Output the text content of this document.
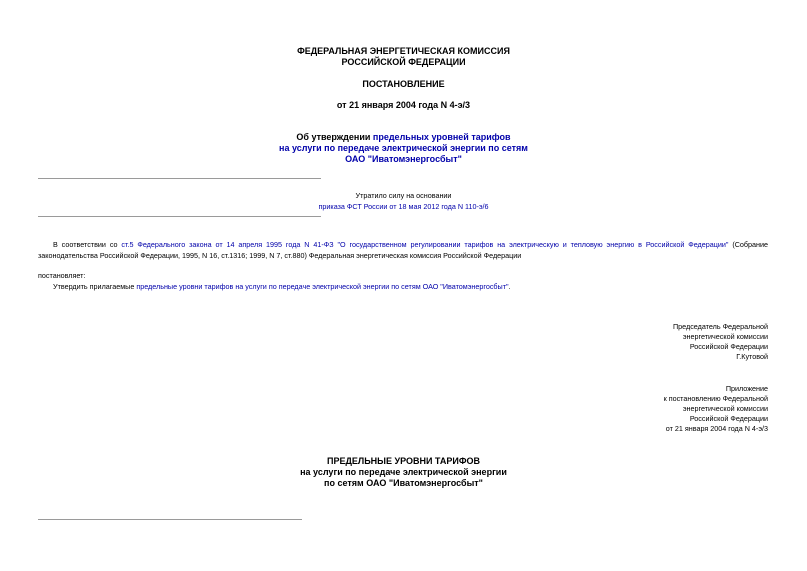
ФЕДЕРАЛЬНАЯ ЭНЕРГЕТИЧЕСКАЯ КОМИССИЯ
РОССИЙСКОЙ ФЕДЕРАЦИИ
ПОСТАНОВЛЕНИЕ
от 21 января 2004 года N 4-э/3
Об утверждении предельных уровней тарифов
на услуги по передаче электрической энергии по сетям
ОАО "Иватомэнергосбыт"
Утратило силу на основании
приказа ФСТ России от 18 мая 2012 года N 110-э/6
В соответствии со ст.5 Федерального закона от 14 апреля 1995 года N 41-ФЗ "О государственном регулировании тарифов на электрическую и тепловую энергию в Российской Федерации" (Собрание законодательства Российской Федерации, 1995, N 16, ст.1316; 1999, N 7, ст.880) Федеральная энергетическая комиссия Российской Федерации
постановляет:
Утвердить прилагаемые предельные уровни тарифов на услуги по передаче электрической энергии по сетям ОАО "Иватомэнергосбыт".
Председатель Федеральной
энергетической комиссии
Российской Федерации
Г.Кутовой
Приложение
к постановлению Федеральной
энергетической комиссии
Российской Федерации
от 21 января 2004 года N 4-э/3
ПРЕДЕЛЬНЫЕ УРОВНИ ТАРИФОВ
на услуги по передаче электрической энергии
по сетям ОАО "Иватомэнергосбыт"
